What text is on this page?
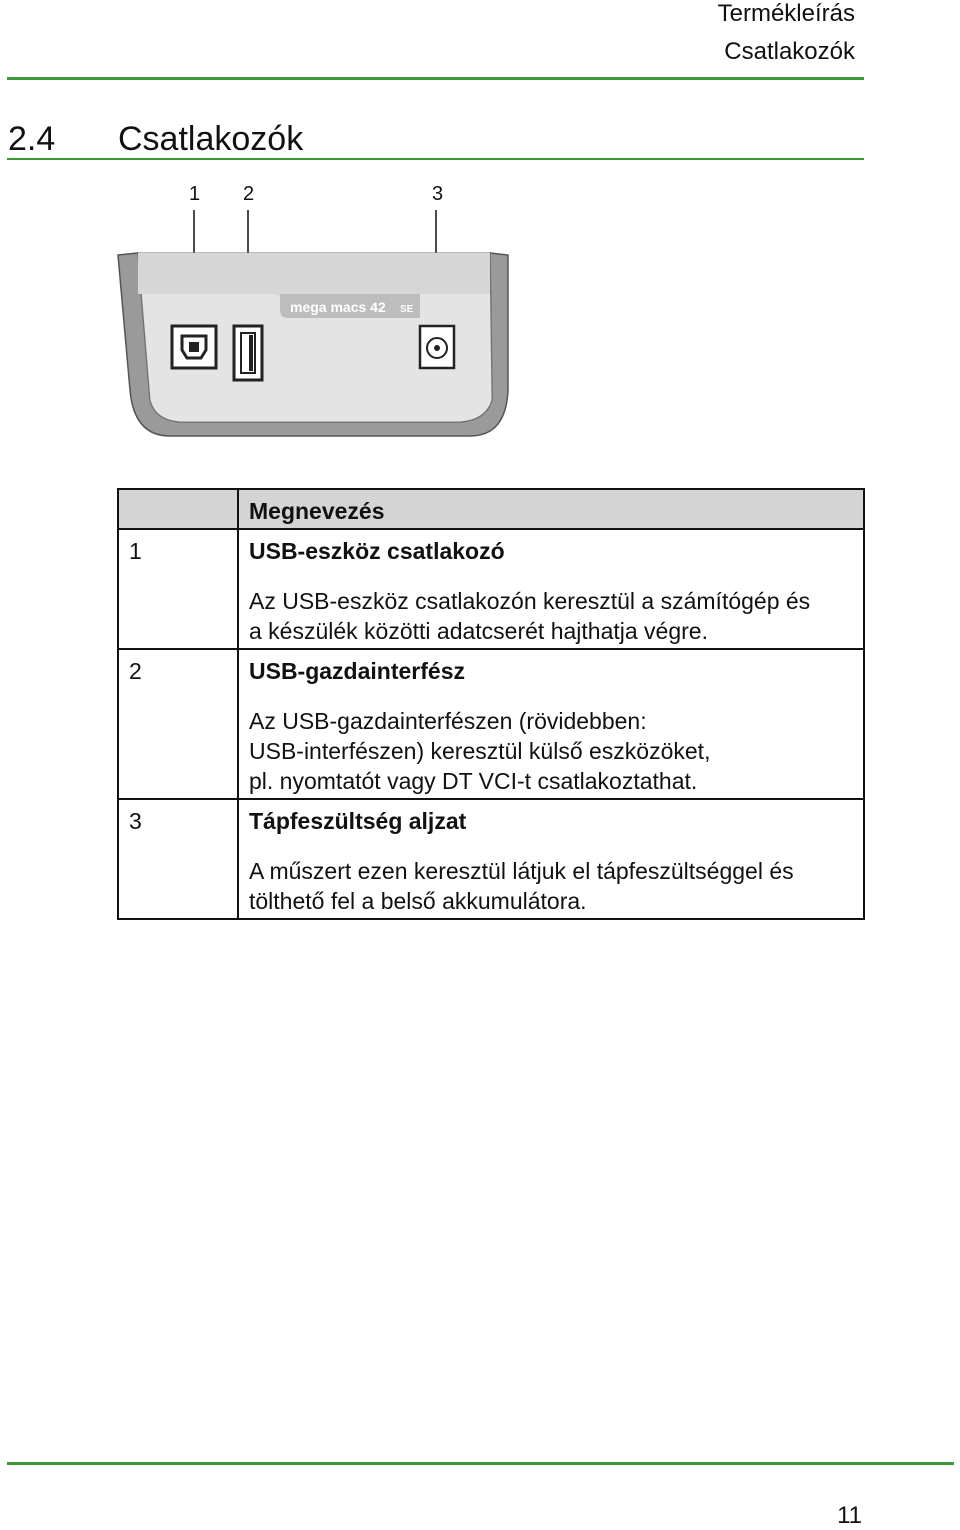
Termékleírás
Csatlakozók
2.4 Csatlakozók
1 2	3
mega macs 42 SE

	Megnevezés

1	USB-eszköz csatlakozó
Az USB-eszköz csatlakozón keresztül a számítógép és
a készülék közötti adatcserét hajthatja végre.

2	USB-gazdainterfész
Az USB-gazdainterfészen (rövidebben:
USB-interfészen) keresztül külső eszközöket,
pl. nyomtatót vagy DT VCI-t csatlakoztathat.

3	Tápfeszültség aljzat
A műszert ezen keresztül látjuk el tápfeszültséggel és
tölthető fel a belső akkumulátora.
11
